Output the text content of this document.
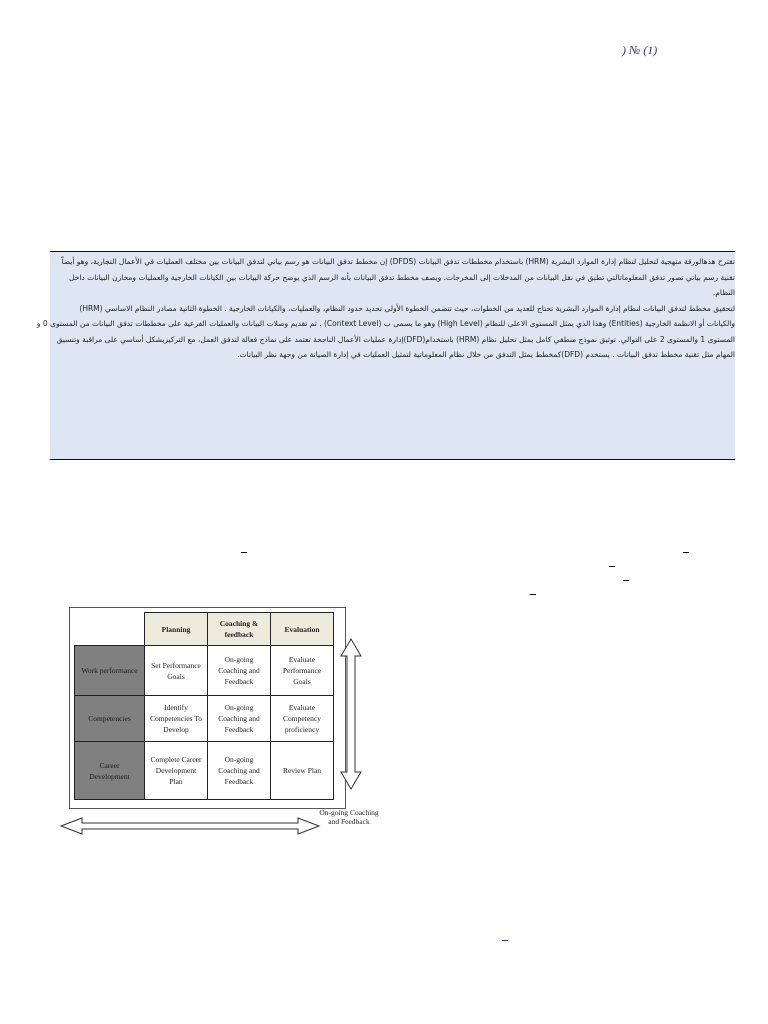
) № (1)
تقترح هذهالورقة منهجية لتحليل لنظام إدارة الموارد البشرية (HRM) باستخدام مخططات تدفق البيانات (DFDS) إن مخطط تدفق البيانات هو رسم بياني لتدفق البيانات بين مختلف العمليات في الأعمال التجارية، وهو أيضاً
تقنية رسم بياني تصور تدفق المعلوماتالتي تطبق في نقل البيانات من المدخلات إلى المخرجات. ويصف مخطط تدفق البيانات بأنه الرسم الذي يوضح حركة البيانات بين الكيانات الخارجية والعمليات ومخازن البيانات داخل
النظام.
لتحقيق مخطط لتدفق البيانات لنظام إدارة الموارد البشرية تحتاج للعديد من الخطوات، حيث تتضمن الخطوة الأولى تحديد حدود النظام، والعمليات، والكيانات الخارجية . الخطوة الثانية مصادر النظام الاساسي (HRM)
والكيانات أو الانظمة الخارجية (Entities) وهذا الذي يمثل المستوى الاعلى للنظام (High Level) وهو ما يسمى ب (Context Level) . ثم تقديم وصلات البيانات والعمليات الفرعية على مخططات تدفق البيانات من المستوى 0 و
المستوى 1 والمستوى 2 على التوالي. توثيق نموذج منطقي كامل يمثل تحليل نظام (HRM) باستخدام(DFD)إدارة عمليات الأعمال الناجحة تعتمد على نماذج فعالة لتدفق العمل، مع التركيزبشكل أساسي على مراقبة وتنسيق
المهام مثل تقنية مخطط تدفق البيانات . يستخدم (DFD)كمخطط يمثل التدفق من خلال نظام المعلوماتية لتمثيل العمليات في إدارة الصيانة من وجهة نظر البيانات.
	Planning	Coaching & feedback	Evaluation
Work performance	Set Performance Goals	On-going Coaching and Feedback	Evaluate Performance Goals
Competencies	Identify Competencies To Develop	On-going Coaching and Feedback	Evaluate Competency proficiency
Career Development	Complete Career Development Plan	On-going Coaching and Feedback	Review Plan
On-going Coaching and Feedback
